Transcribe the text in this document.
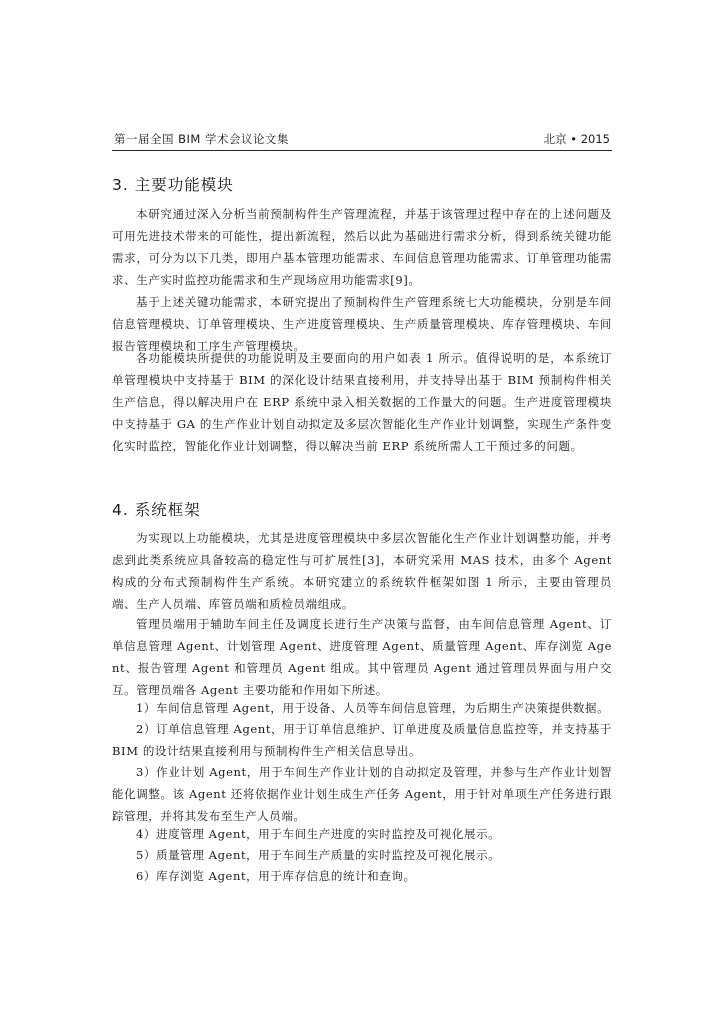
第一届全国 BIM 学术会议论文集	北京 • 2015
3. 主要功能模块

本研究通过深入分析当前预制构件生产管理流程，并基于该管理过程中存在的上述问题及可用先进技术带来的可能性，提出新流程，然后以此为基础进行需求分析，得到系统关键功能需求，可分为以下几类，即用户基本管理功能需求、车间信息管理功能需求、订单管理功能需求、生产实时监控功能需求和生产现场应用功能需求[9]。

基于上述关键功能需求，本研究提出了预制构件生产管理系统七大功能模块，分别是车间信息管理模块、订单管理模块、生产进度管理模块、生产质量管理模块、库存管理模块、车间报告管理模块和工序生产管理模块。

各功能模块所提供的功能说明及主要面向的用户如表 1 所示。值得说明的是，本系统订单管理模块中支持基于 BIM 的深化设计结果直接利用，并支持导出基于 BIM 预制构件相关生产信息，得以解决用户在 ERP 系统中录入相关数据的工作量大的问题。生产进度管理模块中支持基于 GA 的生产作业计划自动拟定及多层次智能化生产作业计划调整，实现生产条件变化实时监控，智能化作业计划调整，得以解决当前 ERP 系统所需人工干预过多的问题。

4. 系统框架

为实现以上功能模块，尤其是进度管理模块中多层次智能化生产作业计划调整功能，并考虑到此类系统应具备较高的稳定性与可扩展性[3]，本研究采用 MAS 技术，由多个 Agent 构成的分布式预制构件生产系统。本研究建立的系统软件框架如图 1 所示，主要由管理员端、生产人员端、库管员端和质检员端组成。

管理员端用于辅助车间主任及调度长进行生产决策与监督，由车间信息管理 Agent、订单信息管理 Agent、计划管理 Agent、进度管理 Agent、质量管理 Agent、库存浏览 Agent、报告管理 Agent 和管理员 Agent 组成。其中管理员 Agent 通过管理员界面与用户交互。管理员端各 Agent 主要功能和作用如下所述。

1）车间信息管理 Agent，用于设备、人员等车间信息管理，为后期生产决策提供数据。

2）订单信息管理 Agent，用于订单信息维护、订单进度及质量信息监控等，并支持基于 BIM 的设计结果直接利用与预制构件生产相关信息导出。

3）作业计划 Agent，用于车间生产作业计划的自动拟定及管理，并参与生产作业计划智能化调整。该 Agent 还将依据作业计划生成生产任务 Agent，用于针对单项生产任务进行跟踪管理，并将其发布至生产人员端。

4）进度管理 Agent，用于车间生产进度的实时监控及可视化展示。

5）质量管理 Agent，用于车间生产质量的实时监控及可视化展示。

6）库存浏览 Agent，用于库存信息的统计和查询。
